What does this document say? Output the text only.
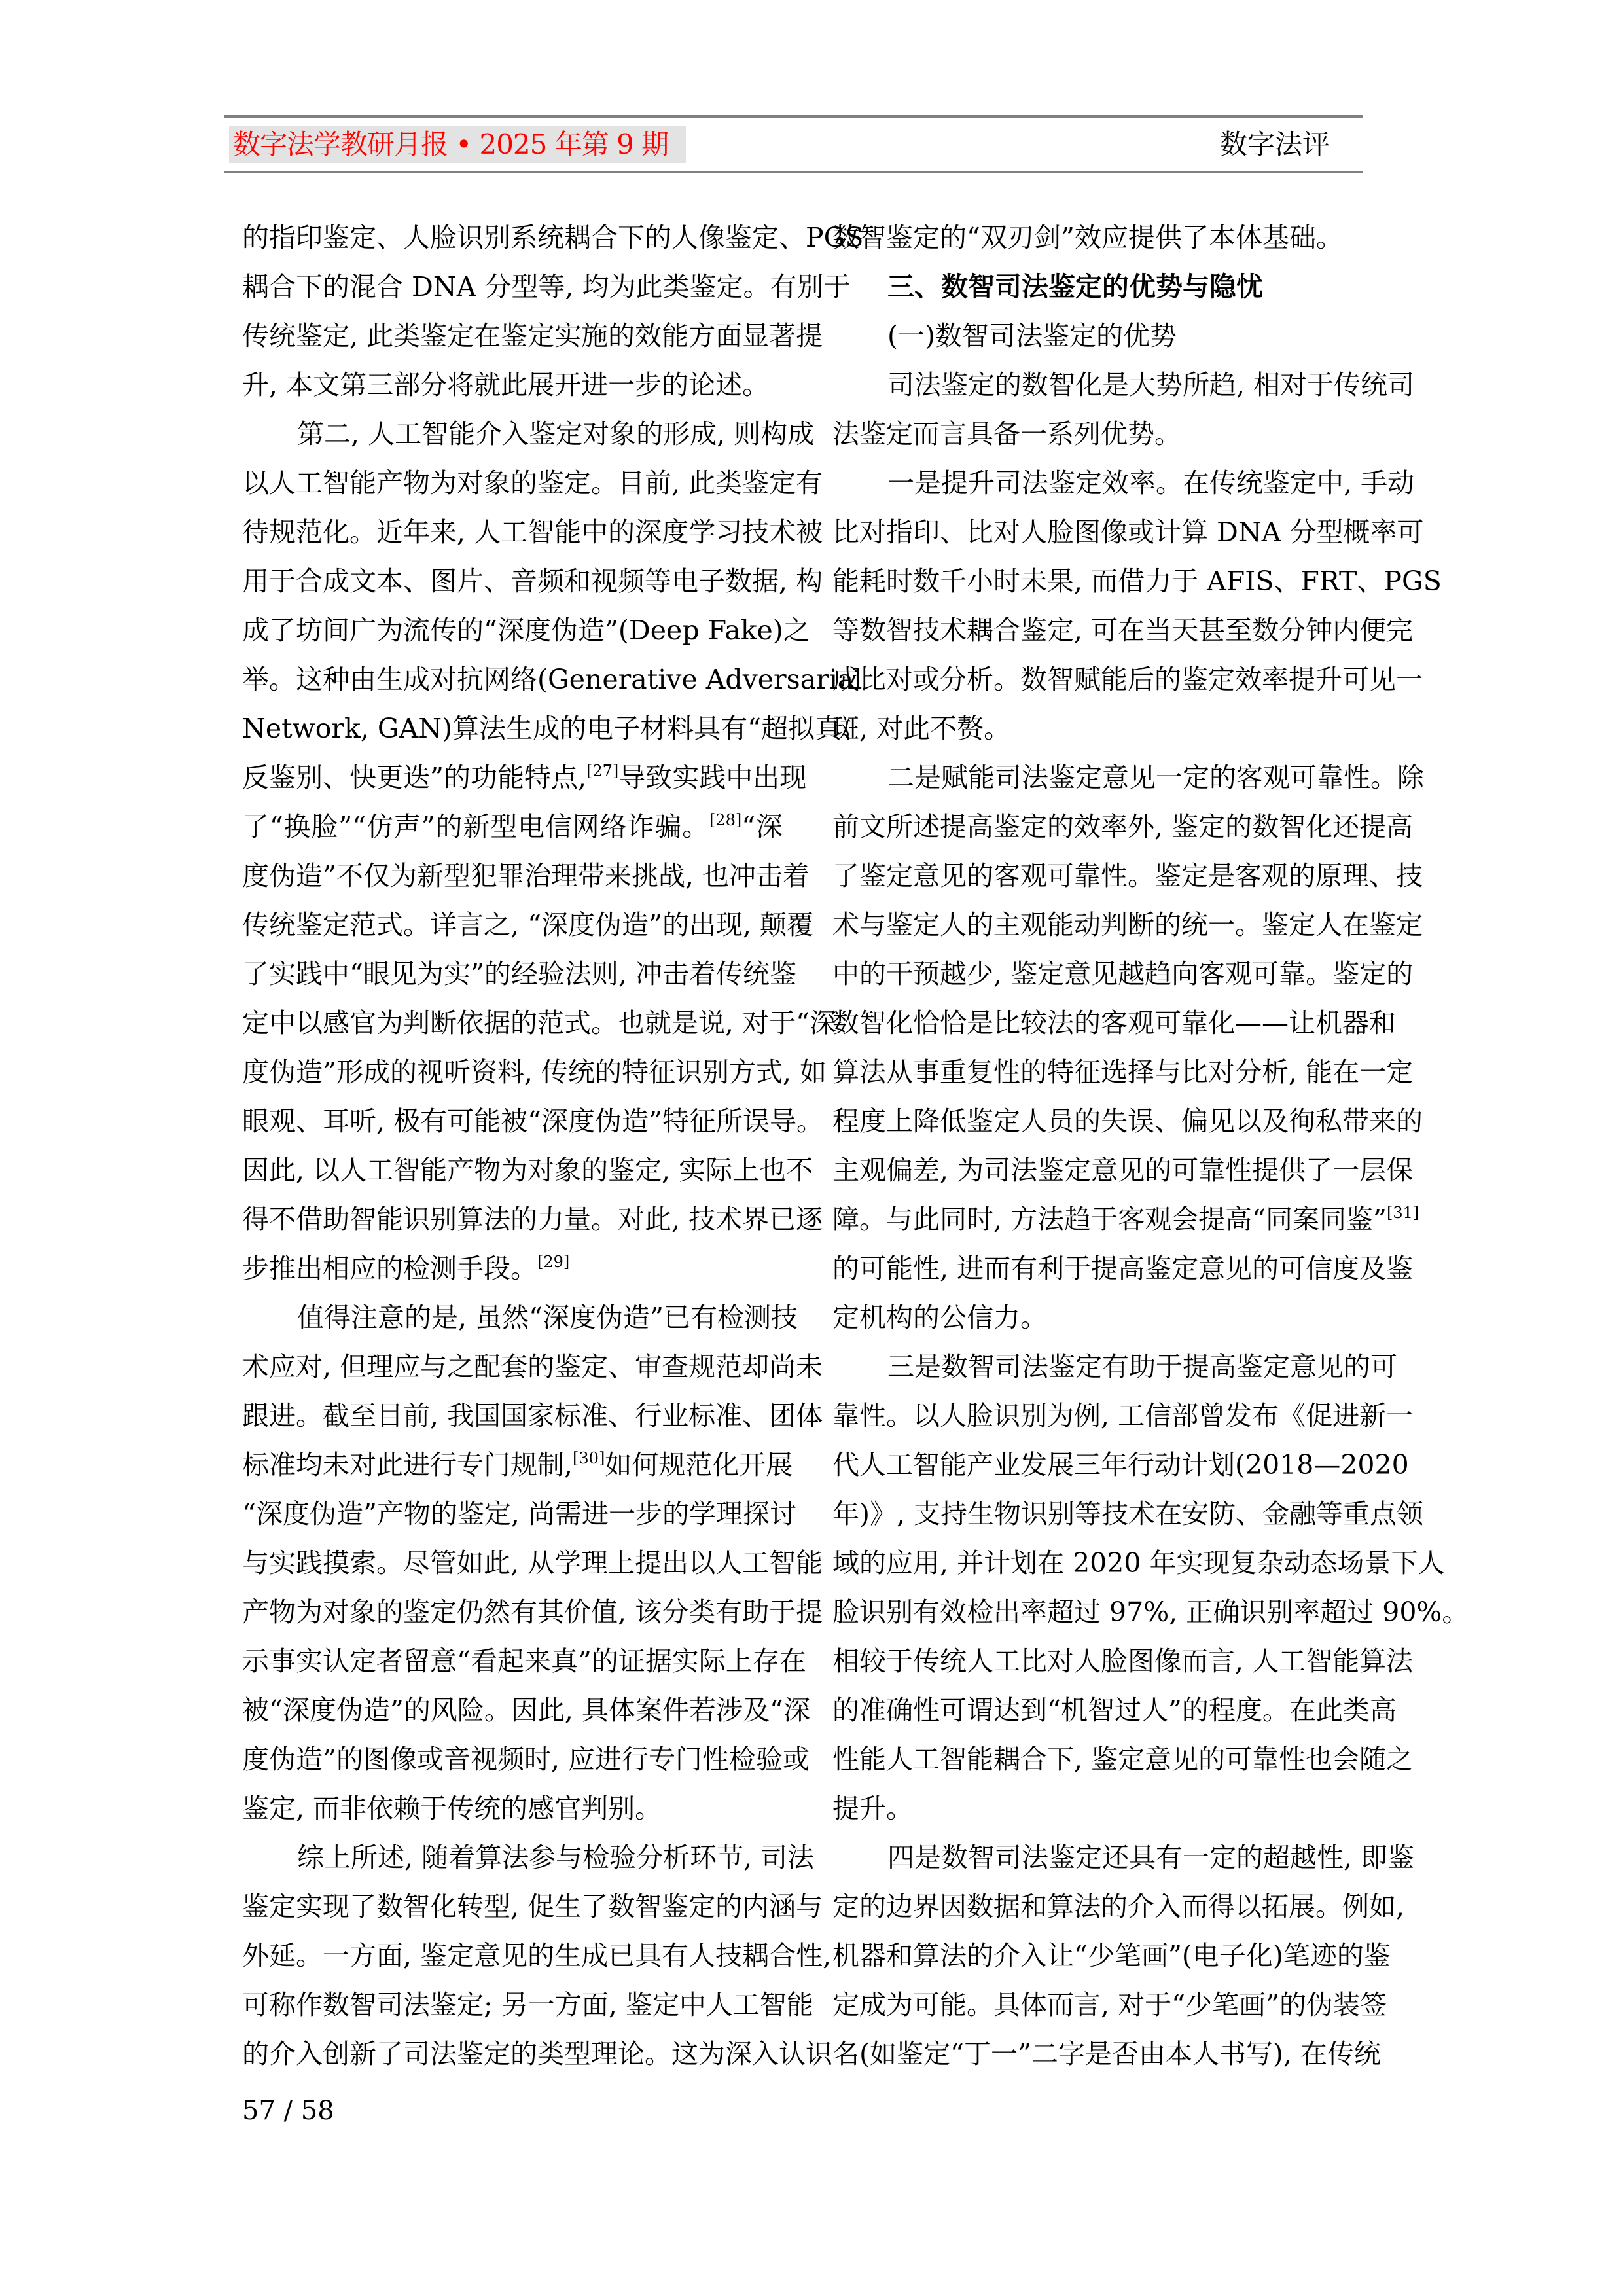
数字法学教研月报 • 2025 年第 9 期	数字法评
的指印鉴定、人脸识别系统耦合下的人像鉴定、PGS
耦合下的混合 DNA 分型等, 均为此类鉴定。有别于
传统鉴定, 此类鉴定在鉴定实施的效能方面显著提
升, 本文第三部分将就此展开进一步的论述。
第二, 人工智能介入鉴定对象的形成, 则构成
以人工智能产物为对象的鉴定。目前, 此类鉴定有
待规范化。近年来, 人工智能中的深度学习技术被
用于合成文本、图片、音频和视频等电子数据, 构
成了坊间广为流传的“深度伪造”(Deep Fake)之
举。这种由生成对抗网络(Generative Adversarial
Network, GAN)算法生成的电子材料具有“超拟真、
反鉴别、快更迭”的功能特点,[27]导致实践中出现
了“换脸”“仿声”的新型电信网络诈骗。[28]“深
度伪造”不仅为新型犯罪治理带来挑战, 也冲击着
传统鉴定范式。详言之, “深度伪造”的出现, 颠覆
了实践中“眼见为实”的经验法则, 冲击着传统鉴
定中以感官为判断依据的范式。也就是说, 对于“深
度伪造”形成的视听资料, 传统的特征识别方式, 如
眼观、耳听, 极有可能被“深度伪造”特征所误导。
因此, 以人工智能产物为对象的鉴定, 实际上也不
得不借助智能识别算法的力量。对此, 技术界已逐
步推出相应的检测手段。[29]
值得注意的是, 虽然“深度伪造”已有检测技
术应对, 但理应与之配套的鉴定、审查规范却尚未
跟进。截至目前, 我国国家标准、行业标准、团体
标准均未对此进行专门规制,[30]如何规范化开展
“深度伪造”产物的鉴定, 尚需进一步的学理探讨
与实践摸索。尽管如此, 从学理上提出以人工智能
产物为对象的鉴定仍然有其价值, 该分类有助于提
示事实认定者留意“看起来真”的证据实际上存在
被“深度伪造”的风险。因此, 具体案件若涉及“深
度伪造”的图像或音视频时, 应进行专门性检验或
鉴定, 而非依赖于传统的感官判别。
综上所述, 随着算法参与检验分析环节, 司法
鉴定实现了数智化转型, 促生了数智鉴定的内涵与
外延。一方面, 鉴定意见的生成已具有人技耦合性,
可称作数智司法鉴定; 另一方面, 鉴定中人工智能
的介入创新了司法鉴定的类型理论。这为深入认识
数智鉴定的“双刃剑”效应提供了本体基础。
三、数智司法鉴定的优势与隐忧
(一)数智司法鉴定的优势
司法鉴定的数智化是大势所趋, 相对于传统司
法鉴定而言具备一系列优势。
一是提升司法鉴定效率。在传统鉴定中, 手动
比对指印、比对人脸图像或计算 DNA 分型概率可
能耗时数千小时未果, 而借力于 AFIS、FRT、PGS
等数智技术耦合鉴定, 可在当天甚至数分钟内便完
成比对或分析。数智赋能后的鉴定效率提升可见一
斑, 对此不赘。
二是赋能司法鉴定意见一定的客观可靠性。除
前文所述提高鉴定的效率外, 鉴定的数智化还提高
了鉴定意见的客观可靠性。鉴定是客观的原理、技
术与鉴定人的主观能动判断的统一。鉴定人在鉴定
中的干预越少, 鉴定意见越趋向客观可靠。鉴定的
数智化恰恰是比较法的客观可靠化——让机器和
算法从事重复性的特征选择与比对分析, 能在一定
程度上降低鉴定人员的失误、偏见以及徇私带来的
主观偏差, 为司法鉴定意见的可靠性提供了一层保
障。与此同时, 方法趋于客观会提高“同案同鉴”[31]
的可能性, 进而有利于提高鉴定意见的可信度及鉴
定机构的公信力。
三是数智司法鉴定有助于提高鉴定意见的可
靠性。以人脸识别为例, 工信部曾发布《促进新一
代人工智能产业发展三年行动计划(2018—2020
年)》, 支持生物识别等技术在安防、金融等重点领
域的应用, 并计划在 2020 年实现复杂动态场景下人
脸识别有效检出率超过 97%, 正确识别率超过 90%。
相较于传统人工比对人脸图像而言, 人工智能算法
的准确性可谓达到“机智过人”的程度。在此类高
性能人工智能耦合下, 鉴定意见的可靠性也会随之
提升。
四是数智司法鉴定还具有一定的超越性, 即鉴
定的边界因数据和算法的介入而得以拓展。例如,
机器和算法的介入让“少笔画”(电子化)笔迹的鉴
定成为可能。具体而言, 对于“少笔画”的伪装签
名(如鉴定“丁一”二字是否由本人书写), 在传统
57 / 58
